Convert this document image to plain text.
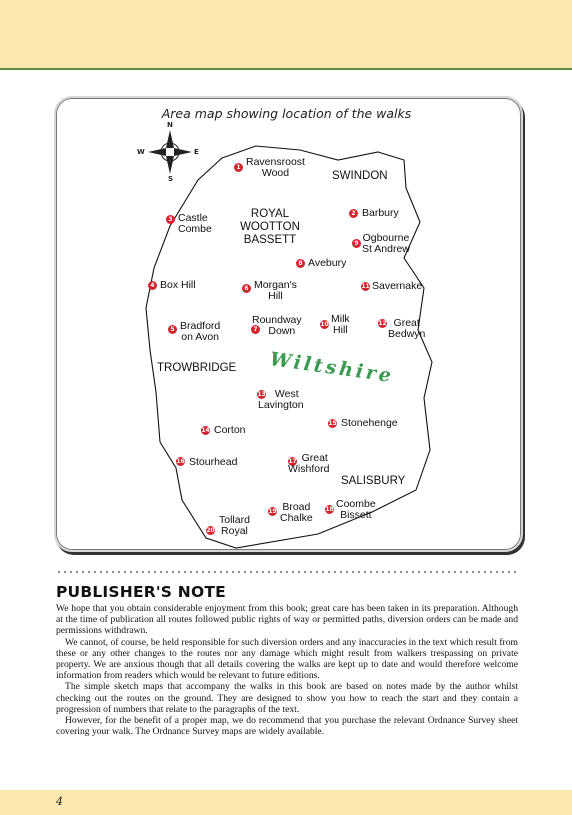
Area map showing location of the walks
N
S
E
W
SWINDON
ROYAL
WOOTTON
BASSETT
TROWBRIDGE
SALISBURY
Wiltshire
1 Ravensroost
Wood
2 Barbury
3 Castle
Combe
4 Box Hill
5 Bradford
on Avon
6 Morgan's
Hill
7
Roundway
Down
8 Avebury
9 Ogbourne
St Andrew
10 Milk
Hill
11 Savernake
12 Great
Bedwyn
13 West
Lavington
14 Corton
15 Stonehenge
16 Stourhead	17 Great
Wishford
18 Coombe
Bissett
19 Broad
Chalke
20
Tollard
Royal
PUBLISHER'S NOTE

We hope that you obtain considerable enjoyment from this book; great care has been taken in its preparation. Although at the time of publication all routes followed public rights of way or permitted paths, diversion orders can be made and permissions withdrawn.

We cannot, of course, be held responsible for such diversion orders and any inaccuracies in the text which result from these or any other changes to the routes nor any damage which might result from walkers trespassing on private property. We are anxious though that all details covering the walks are kept up to date and would therefore welcome information from readers which would be relevant to future editions.

The simple sketch maps that accompany the walks in this book are based on notes made by the author whilst checking out the routes on the ground. They are designed to show you how to reach the start and they contain a progression of numbers that relate to the paragraphs of the text.

However, for the benefit of a proper map, we do recommend that you purchase the relevant Ordnance Survey sheet covering your walk. The Ordnance Survey maps are widely available.

4
